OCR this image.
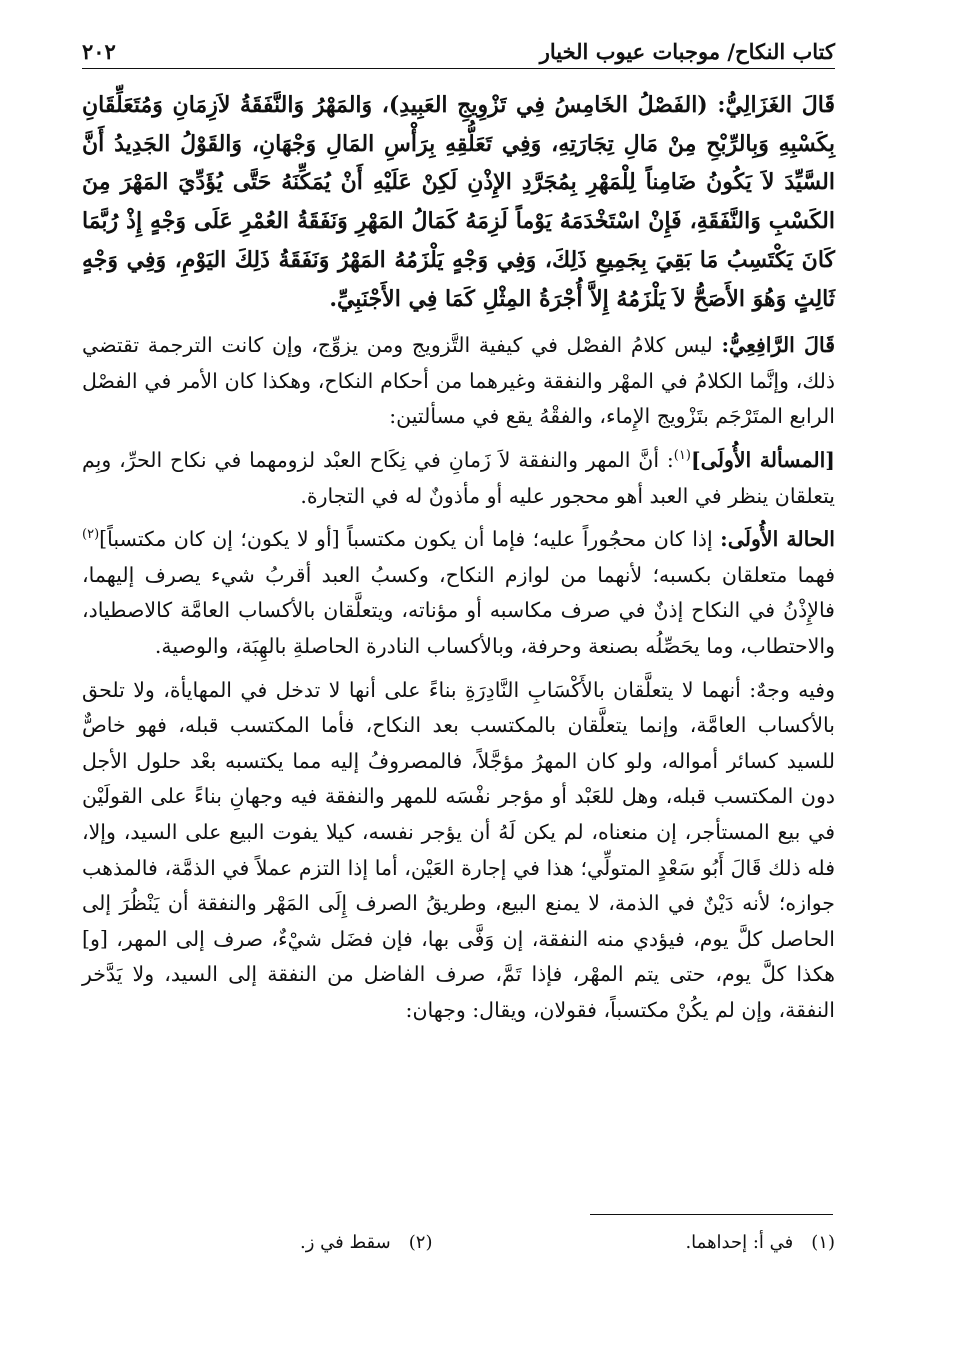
كتاب النكاح/ موجبات عيوب الخيار
٢٠٢

قَالَ الغَزَالِيُّ: (الفَصْلُ الخَامِسُ فِي تَزْوِيجِ العَبِيدِ)، وَالمَهْرُ وَالنَّفَقَةُ لاَزِمَانِ وَمُتَعَلِّقَانِ بِكَسْبِهِ وَبِالرِّبْحِ مِنْ مَالِ تِجَارَتِهِ، وَفِي تَعَلُّقِهِ بِرَأْسِ المَالِ وَجْهَانِ، وَالقَوْلُ الجَدِيدُ أَنَّ السَّيِّدَ لاَ يَكُونُ ضَامِناً لِلْمَهْرِ بِمُجَرَّدِ الإِذْنِ لَكِنْ عَلَيْهِ أَنْ يُمَكِّنَهُ حَتَّى يُؤَدِّيَ المَهْرَ مِنَ الكَسْبِ وَالنَّفَقَةِ، فَإِنْ اسْتَخْدَمَهُ يَوْماً لَزِمَهُ كَمَالُ المَهْرِ وَنَفَقَةُ العُمْرِ عَلَى وَجْهٍ إِذْ رُبَّمَا كَانَ يَكْتَسِبُ مَا بَقِيَ بِجَمِيعِ ذَلِكَ، وَفِي وَجْهٍ يَلْزَمُهُ المَهْرُ وَنَفَقَةُ ذَلِكَ اليَوْمِ، وَفِي وَجْهٍ ثَالِثٍ وَهُوَ الأَصَحُّ لاَ يَلْزَمُهُ إِلاَّ أُجْرَةُ المِثْلِ كَمَا فِي الأَجْنَبِيِّ.

قَالَ الرَّافِعِيُّ: ليس كلامُ الفصْل في كيفية التَّزويج ومن يزوِّج، وإن كانت الترجمة تقتضي ذلك، وإنَّما الكلامُ في المهْر والنفقة وغيرهما من أحكام النكاح، وهكذا كان الأمر في الفصْل الرابع المتَرْجَم بتَزْويج الإِماء، والفقْهُ يقع في مسألتين:

[المسألة الأُولَى]$^{(١)}$: أنَّ المهر والنفقة لاَ زَمانِ في نِكَاح العبْد لزومهما في نكاح الحرِّ، وبِم يتعلقان ينظر في العبد أهو محجور عليه أو مأذونٌ له في التجارة.

الحالة الأُولَى: إذا كان محجُوراً عليه؛ فإما أن يكون مكتسباً [أو لا يكون؛ إن كان مكتسباً]$^{(٢)}$ فهما متعلقان بكسبه؛ لأنهما من لوازم النكاح، وكسبُ العبد أقربُ شيء يصرف إليهما، فالإِذْنُ في النكاح إذنٌ في صرف مكاسبه أو مؤناته، ويتعلَّقان بالأكساب العامَّة كالاصطياد، والاحتطاب، وما يحَصِّلُه بصنعة وحرفة، وبالأكساب النادرة الحاصلةِ بالهِبَة، والوصية.

وفيه وجهٌ: أنهما لا يتعلَّقان بالأَكْسَابِ النَّادِرَةِ بناءً على أنها لا تدخل في المهايأة، ولا تلحق بالأكساب العامَّة، وإنما يتعلَّقان بالمكتسب بعد النكاح، فأما المكتسب قبله، فهو خاصٌّ للسيد كسائر أمواله، ولو كان المهرُ مؤجَّلاً، فالمصروفُ إليه مما يكتسبه بعْد حلول الأجل دون المكتسب قبله، وهل للعَبْد أو مؤجر نفْسَه للمهر والنفقة فيه وجهانِ بناءً على القولَيْن في بيع المستأجر، إن منعناه، لم يكن لَهُ أن يؤجر نفسه، كيلا يفوت البيع على السيد، وإلا، فله ذلك قَالَ أَبُو سَعْدٍ المتولِّي؛ هذا في إجارة العَيْن، أما إذا التزم عملاً في الذمَّة، فالمذهب جوازه؛ لأنه دَيْنٌ في الذمة، لا يمنع البيع، وطريقُ الصرف إِلَى المَهْر والنفقة أن يَنْظُرَ إلى الحاصل كلَّ يوم، فيؤدي منه النفقة، إن وَفَّى بها، فإن فضَل شيْءٌ، صرف إلى المهر، [و] هكذا كلَّ يوم، حتى يتم المهْر، فإذا تَمَّ، صرف الفاضل من النفقة إلى السيد، ولا يَدَّخر النفقة، وإن لم يكُنْ مكتسباً، فقولان، ويقال: وجهان:

(١)في أ: إحداهما.
(٢)سقط في ز.
